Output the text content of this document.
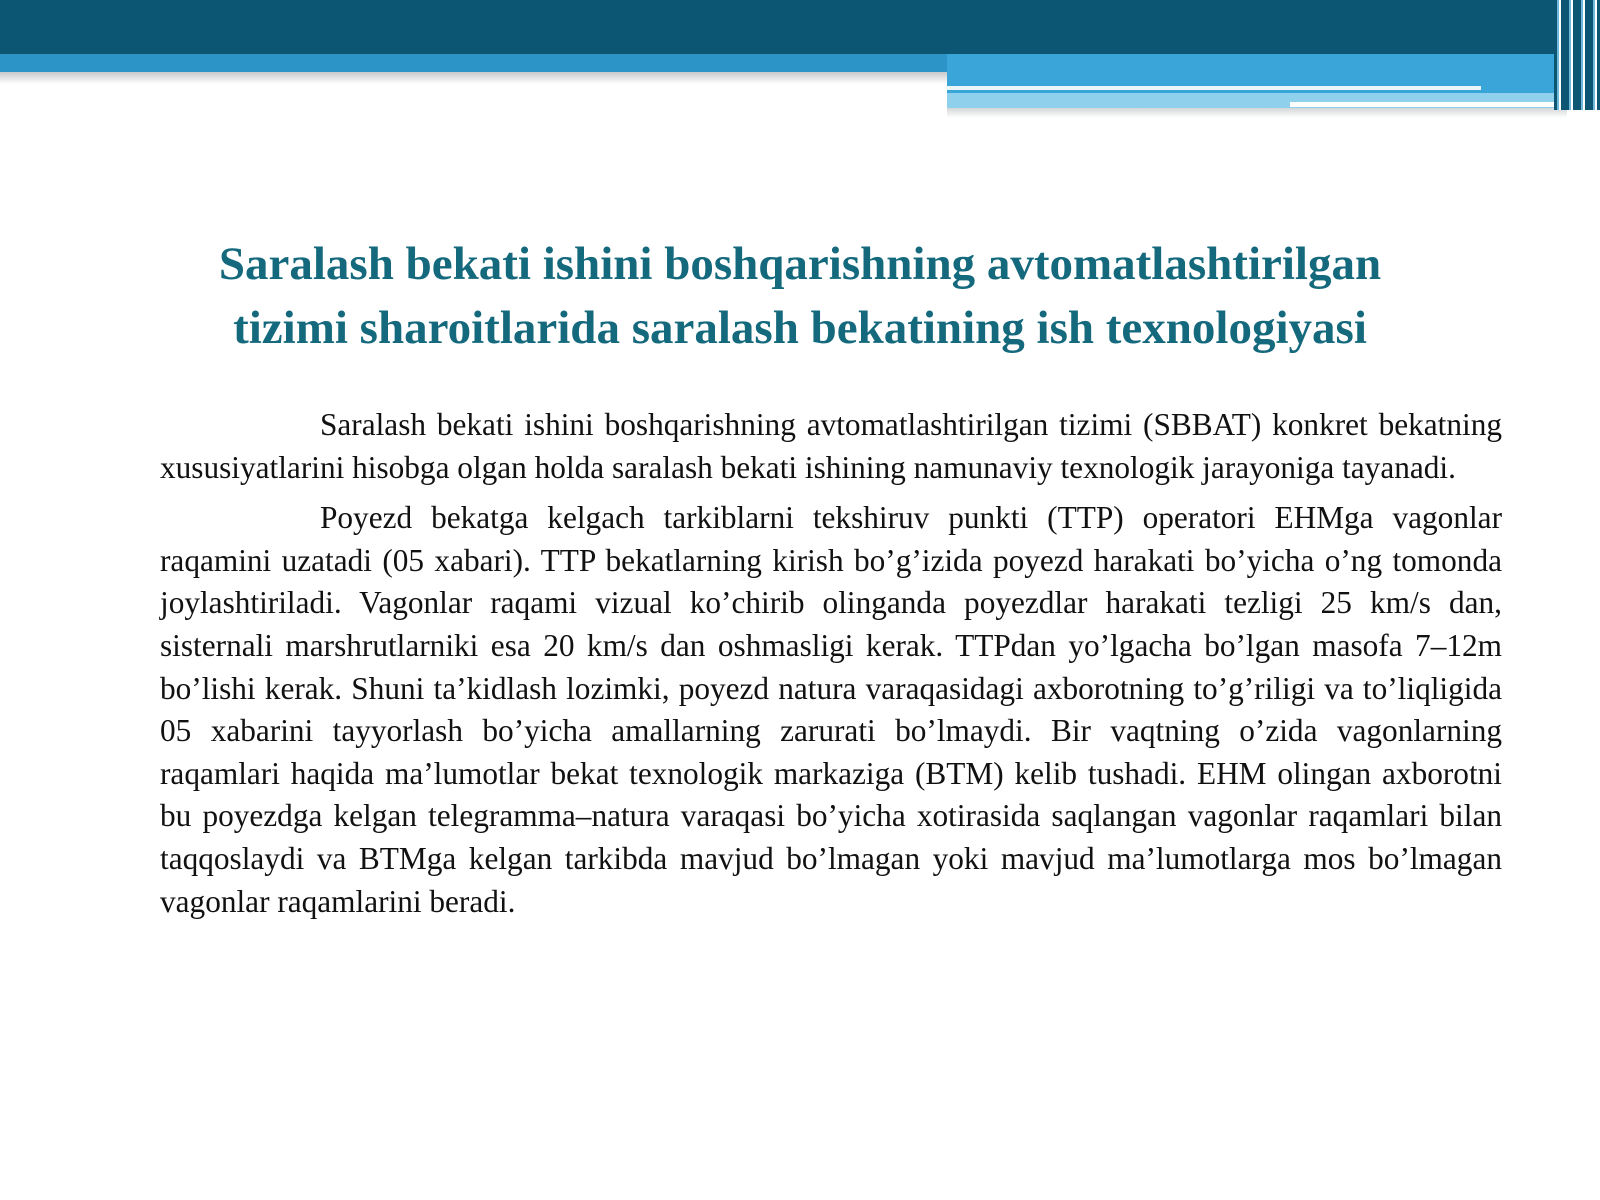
Saralash bekati ishini boshqarishning avtomatlashtirilgan
tizimi sharoitlarida saralash bekatining ish texnologiyasi

Saralash bekati ishini boshqarishning avtomatlashtirilgan tizimi (SBBAT) konkret bekatning xususiyatlarini hisobga olgan holda saralash bekati ishining namunaviy texnologik jarayoniga tayanadi.

Poyezd bekatga kelgach tarkiblarni tekshiruv punkti (TTP) operatori EHMga vagonlar raqamini uzatadi (05 xabari). TTP bekatlarning kirish bo’g’izida poyezd harakati bo’yicha o’ng tomonda joylashtiriladi. Vagonlar raqami vizual ko’chirib olinganda poyezdlar harakati tezligi 25 km/s dan, sisternali marshrutlarniki esa 20 km/s dan oshmasligi kerak. TTPdan yo’lgacha bo’lgan masofa 7–12m bo’lishi kerak. Shuni ta’kidlash lozimki, poyezd natura varaqasidagi axborotning to’g’riligi va to’liqligida 05 xabarini tayyorlash bo’yicha amallarning zarurati bo’lmaydi. Bir vaqtning o’zida vagonlarning raqamlari haqida ma’lumotlar bekat texnologik markaziga (BTM) kelib tushadi. EHM olingan axborotni bu poyezdga kelgan telegramma–natura varaqasi bo’yicha xotirasida saqlangan vagonlar raqamlari bilan taqqoslaydi va BTMga kelgan tarkibda mavjud bo’lmagan yoki mavjud ma’lumotlarga mos bo’lmagan vagonlar raqamlarini beradi.
